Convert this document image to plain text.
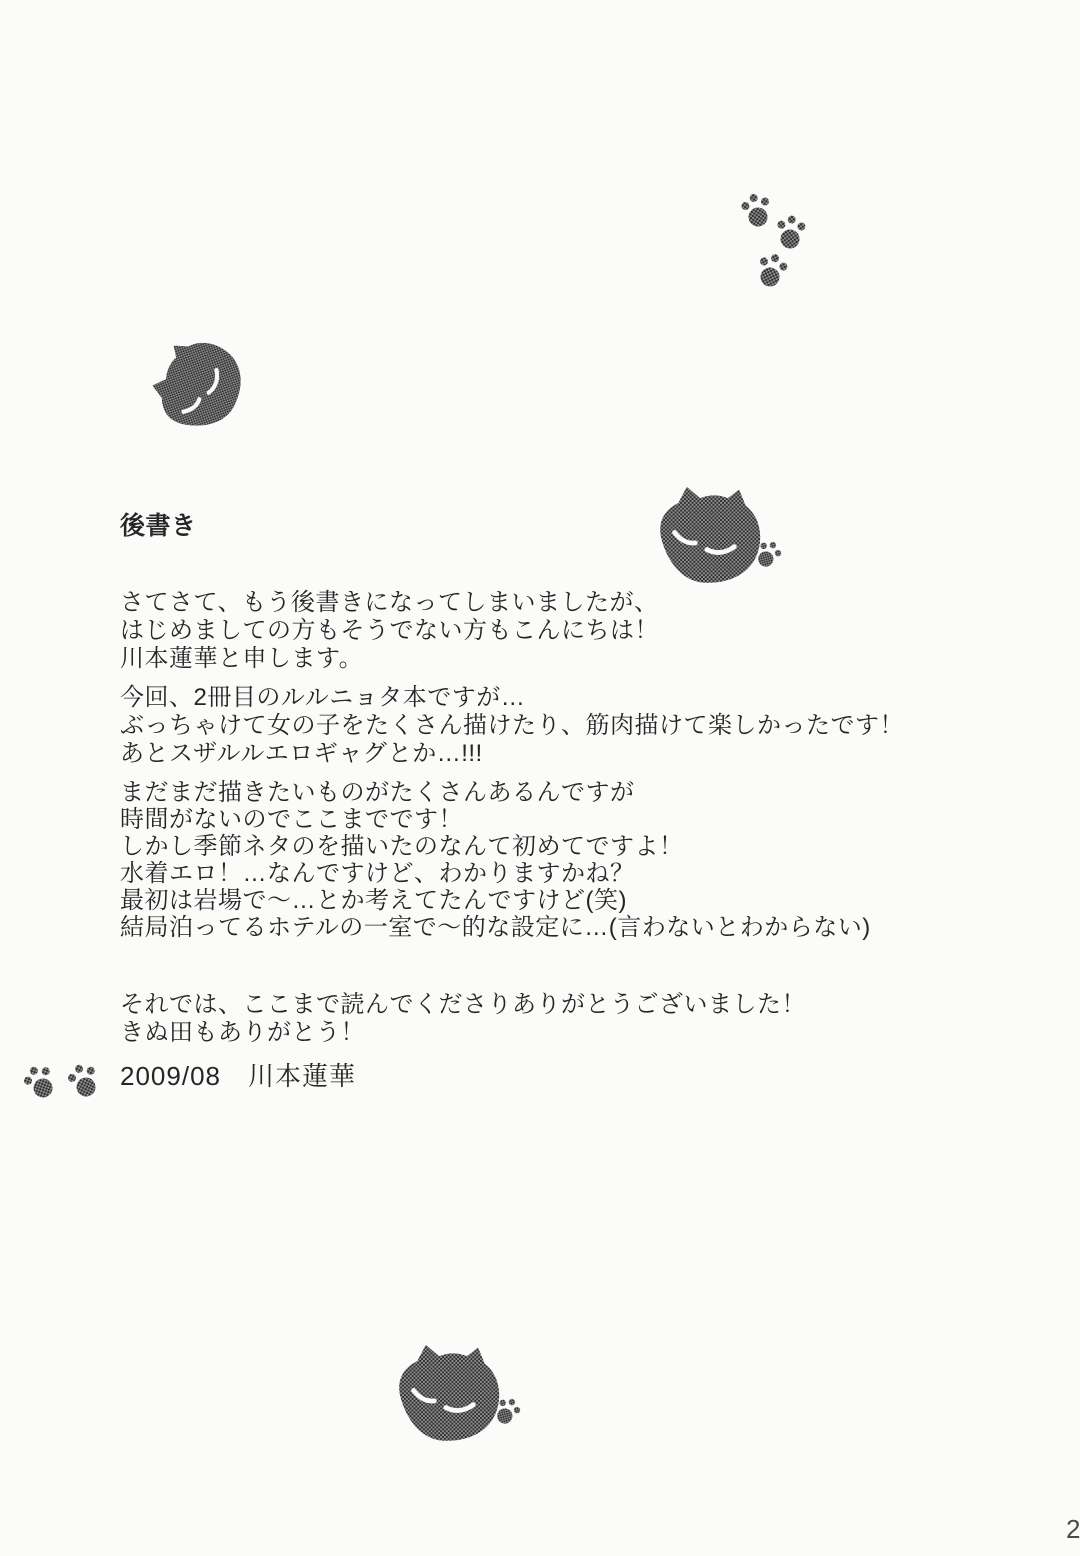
後書き
さてさて、もう後書きになってしまいましたが、
はじめましての方もそうでない方もこんにちは！
川本蓮華と申します。
今回、2冊目のルルニョタ本ですが…
ぶっちゃけて女の子をたくさん描けたり、筋肉描けて楽しかったです！
あとスザルルエロギャグとか…!!!
まだまだ描きたいものがたくさんあるんですが
時間がないのでここまでです！
しかし季節ネタのを描いたのなんて初めてですよ！
水着エロ！…なんですけど、わかりますかね？
最初は岩場で～…とか考えてたんですけど(笑)
結局泊ってるホテルの一室で～的な設定に…(言わないとわからない)
それでは、ここまで読んでくださりありがとうございました！
きぬ田もありがとう！
2009/08　川本蓮華
2
